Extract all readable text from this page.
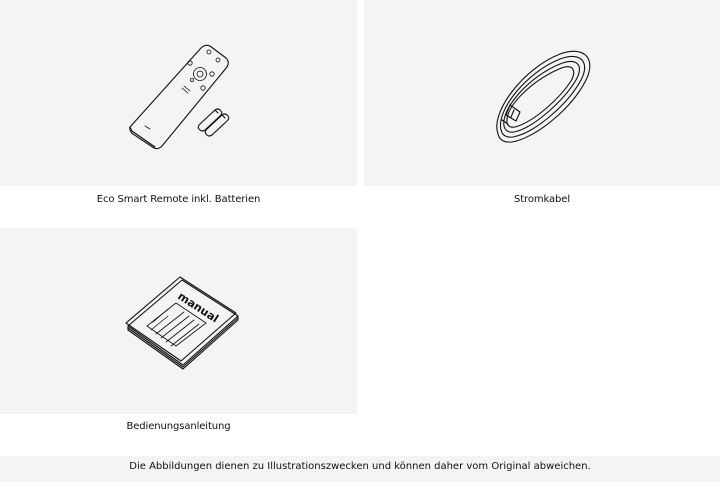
Eco Smart Remote inkl. Batterien	Stromkabel
manual
Bedienungsanleitung
Die Abbildungen dienen zu Illustrationszwecken und können daher vom Original abweichen.
